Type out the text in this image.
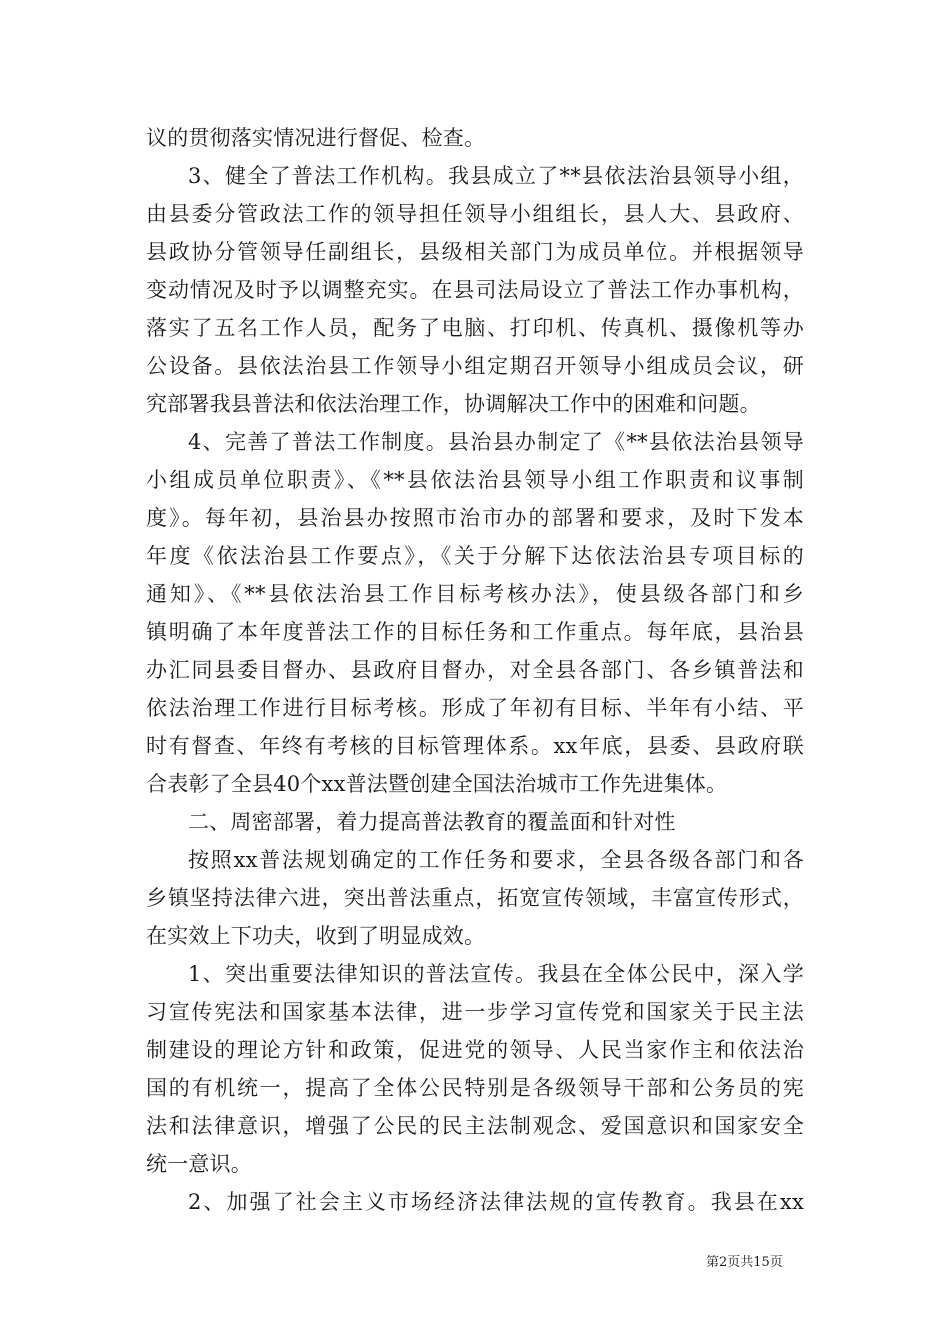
议的贯彻落实情况进行督促、检查。
3、健全了普法工作机构。我县成立了**县依法治县领导小组，
由县委分管政法工作的领导担任领导小组组长，县人大、县政府、
县政协分管领导任副组长，县级相关部门为成员单位。并根据领导
变动情况及时予以调整充实。在县司法局设立了普法工作办事机构，
落实了五名工作人员，配务了电脑、打印机、传真机、摄像机等办
公设备。县依法治县工作领导小组定期召开领导小组成员会议，研
究部署我县普法和依法治理工作，协调解决工作中的困难和问题。
4、完善了普法工作制度。县治县办制定了《**县依法治县领导
小组成员单位职责》、《**县依法治县领导小组工作职责和议事制
度》。每年初，县治县办按照市治市办的部署和要求，及时下发本
年度《依法治县工作要点》，《关于分解下达依法治县专项目标的
通知》、《**县依法治县工作目标考核办法》，使县级各部门和乡
镇明确了本年度普法工作的目标任务和工作重点。每年底，县治县
办汇同县委目督办、县政府目督办，对全县各部门、各乡镇普法和
依法治理工作进行目标考核。形成了年初有目标、半年有小结、平
时有督查、年终有考核的目标管理体系。xx年底，县委、县政府联
合表彰了全县40个xx普法暨创建全国法治城市工作先进集体。
二、周密部署，着力提高普法教育的覆盖面和针对性
按照xx普法规划确定的工作任务和要求，全县各级各部门和各
乡镇坚持法律六进，突出普法重点，拓宽宣传领域，丰富宣传形式，
在实效上下功夫，收到了明显成效。
1、突出重要法律知识的普法宣传。我县在全体公民中，深入学
习宣传宪法和国家基本法律，进一步学习宣传党和国家关于民主法
制建设的理论方针和政策，促进党的领导、人民当家作主和依法治
国的有机统一，提高了全体公民特别是各级领导干部和公务员的宪
法和法律意识，增强了公民的民主法制观念、爱国意识和国家安全
统一意识。
2、加强了社会主义市场经济法律法规的宣传教育。我县在xx
第2页共15页
